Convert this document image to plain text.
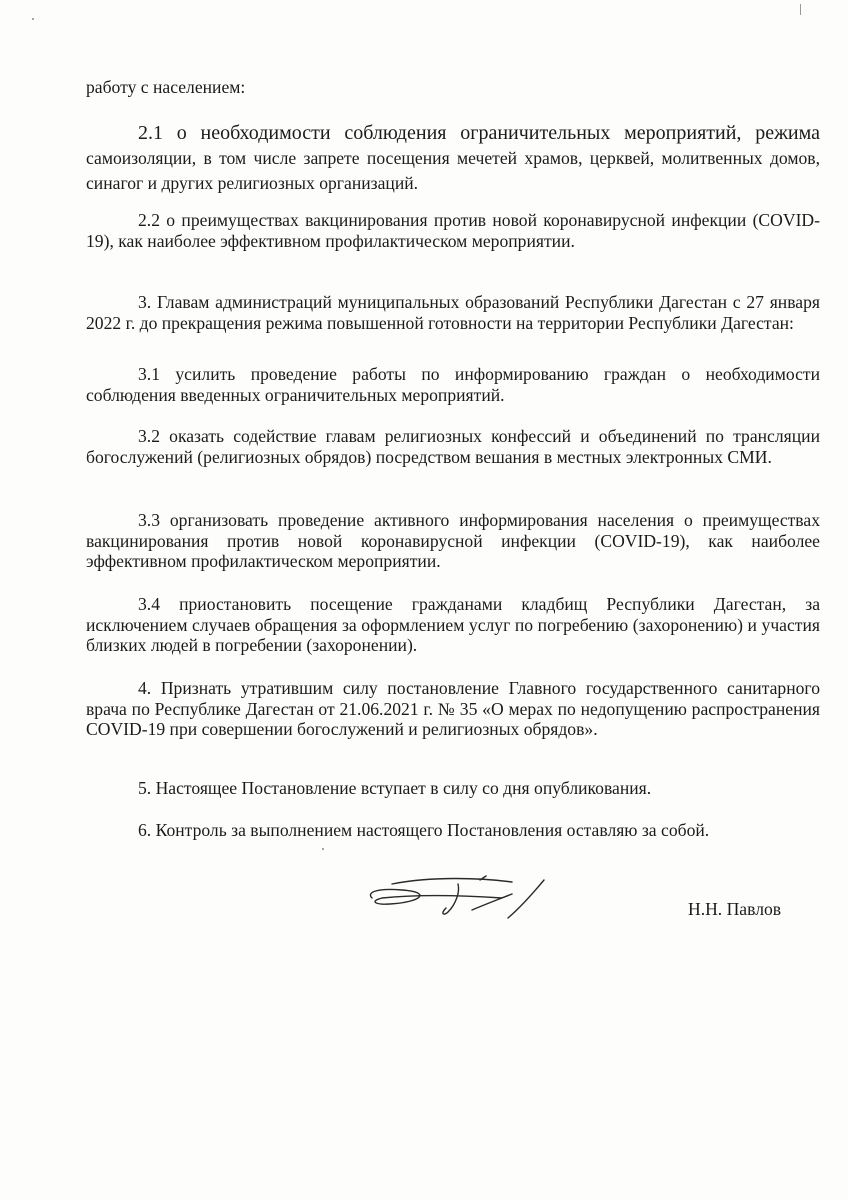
работу с населением:

2.1 о необходимости соблюдения ограничительных мероприятий, режима самоизоляции, в том числе запрете посещения мечетей храмов, церквей, молитвенных домов, синагог и других религиозных организаций.

2.2 о преимуществах вакцинирования против новой коронавирусной инфекции (COVID- 19), как наиболее эффективном профилактическом мероприятии.

3. Главам администраций муниципальных образований Республики Дагестан с 27 января 2022 г. до прекращения режима повышенной готовности на территории Республики Дагестан:

3.1 усилить проведение работы по информированию граждан о необходимости соблюдения введенных ограничительных мероприятий.

3.2 оказать содействие главам религиозных конфессий и объединений по трансляции богослужений (религиозных обрядов) посредством вешания в местных электронных СМИ.

3.3 организовать проведение активного информирования населения о преимуществах вакцинирования против новой коронавирусной инфекции (COVID-19), как наиболее эффективном профилактическом мероприятии.

3.4 приостановить посещение гражданами кладбищ Республики Дагестан, за исключением случаев обращения за оформлением услуг по погребению (захоронению) и участия близких людей в погребении (захоронении).

4. Признать утратившим силу постановление Главного государственного санитарного врача по Республике Дагестан от 21.06.2021 г. № 35 «О мерах по недопущению распространения COVID-19 при совершении богослужений и религиозных обрядов».

5. Настоящее Постановление вступает в силу со дня опубликования.

6. Контроль за выполнением настоящего Постановления оставляю за собой.

Н.Н. Павлов
